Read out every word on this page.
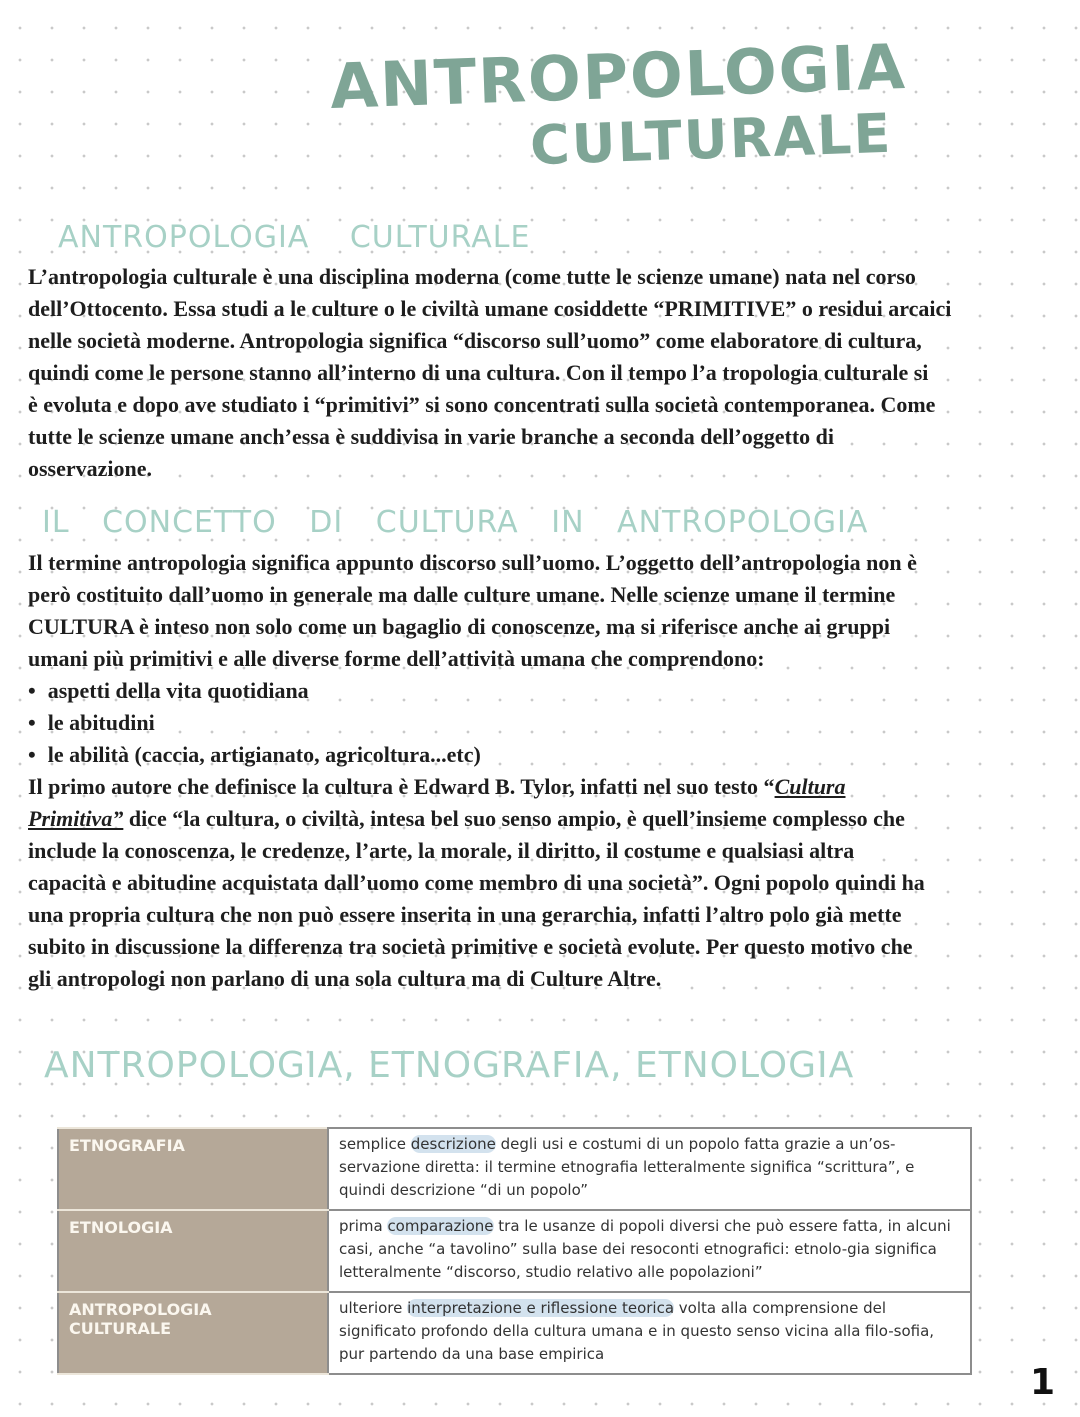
ANTROPOLOGIA
CULTURALE
ANTROPOLOGIA CULTURALE
L’antropologia culturale è una disciplina moderna (come tutte le scienze umane) nata nel corso
dell’Ottocento. Essa studi a le culture o le civiltà umane cosiddette “PRIMITIVE” o residui arcaici
nelle società moderne. Antropologia significa “discorso sull’uomo” come elaboratore di cultura,
quindi come le persone stanno all’interno di una cultura. Con il tempo l’a tropologia culturale si
è evoluta e dopo ave studiato i “primitivi” si sono concentrati sulla società contemporanea. Come
tutte le scienze umane anch’essa è suddivisa in varie branche a seconda dell’oggetto di
osservazione.
IL CONCETTO DI CULTURA IN ANTROPOLOGIA
Il termine antropologia significa appunto discorso sull’uomo. L’oggetto dell’antropologia non è
però costituito dall’uomo in generale ma dalle culture umane. Nelle scienze umane il termine
CULTURA è inteso non solo come un bagaglio di conoscenze, ma si riferisce anche ai gruppi
umani più primitivi e alle diverse forme dell’attività umana che comprendono:
• aspetti della vita quotidiana
• le abitudini
• le abilità (caccia, artigianato, agricoltura...etc)
Il primo autore che definisce la cultura è Edward B. Tylor, infatti nel suo testo “Cultura
Primitiva” dice “la cultura, o civiltà, intesa bel suo senso ampio, è quell’insieme complesso che
include la conoscenza, le credenze, l’arte, la morale, il diritto, il costume e qualsiasi altra
capacità e abitudine acquistata dall’uomo come membro di una società”. Ogni popolo quindi ha
una propria cultura che non può essere inserita in una gerarchia, infatti l’altro polo già mette
subito in discussione la differenza tra società primitive e società evolute. Per questo motivo che
gli antropologi non parlano di una sola cultura ma di Culture Altre.
ANTROPOLOGIA, ETNOGRAFIA, ETNOLOGIA
ETNOGRAFIA	semplice descrizione degli usi e costumi di un popolo fatta grazie a un’os-servazione diretta: il termine etnografia letteralmente significa “scrittura”, e quindi descrizione “di un popolo”
ETNOLOGIA	prima comparazione tra le usanze di popoli diversi che può essere fatta, in alcuni casi, anche “a tavolino” sulla base dei resoconti etnografici: etnolo-gia significa letteralmente “discorso, studio relativo alle popolazioni”
ANTROPOLOGIA CULTURALE	ulteriore interpretazione e riflessione teorica volta alla comprensione del significato profondo della cultura umana e in questo senso vicina alla filo-sofia, pur partendo da una base empirica
1
